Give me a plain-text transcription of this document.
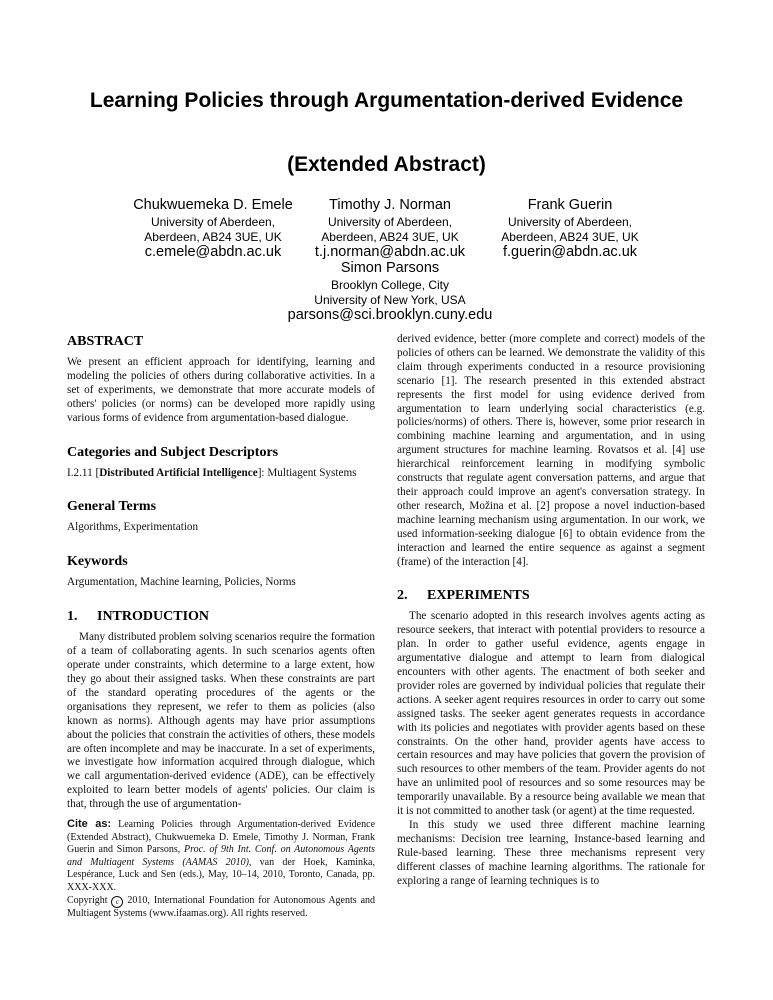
Learning Policies through Argumentation-derived Evidence
(Extended Abstract)
Chukwuemeka D. Emele
University of Aberdeen,
Aberdeen, AB24 3UE, UK
c.emele@abdn.ac.uk
Timothy J. Norman
University of Aberdeen,
Aberdeen, AB24 3UE, UK
t.j.norman@abdn.ac.uk
Frank Guerin
University of Aberdeen,
Aberdeen, AB24 3UE, UK
f.guerin@abdn.ac.uk
Simon Parsons
Brooklyn College, City
University of New York, USA
parsons@sci.brooklyn.cuny.edu
ABSTRACT

We present an efficient approach for identifying, learning and modeling the policies of others during collaborative activities. In a set of experiments, we demonstrate that more accurate models of others' policies (or norms) can be developed more rapidly using various forms of evidence from argumentation-based dialogue.

Categories and Subject Descriptors

I.2.11 [Distributed Artificial Intelligence]: Multiagent Systems

General Terms

Algorithms, Experimentation

Keywords

Argumentation, Machine learning, Policies, Norms

1. INTRODUCTION

Many distributed problem solving scenarios require the formation of a team of collaborating agents. In such scenarios agents often operate under constraints, which determine to a large extent, how they go about their assigned tasks. When these constraints are part of the standard operating procedures of the agents or the organisations they represent, we refer to them as policies (also known as norms). Although agents may have prior assumptions about the policies that constrain the activities of others, these models are often incomplete and may be inaccurate. In a set of experiments, we investigate how information acquired through dialogue, which we call argumentation-derived evidence (ADE), can be effectively exploited to learn better models of agents' policies. Our claim is that, through the use of argumentation-

Cite as: Learning Policies through Argumentation-derived Evidence (Extended Abstract), Chukwuemeka D. Emele, Timothy J. Norman, Frank Guerin and Simon Parsons, Proc. of 9th Int. Conf. on Autonomous Agents and Multiagent Systems (AAMAS 2010), van der Hoek, Kaminka, Lespérance, Luck and Sen (eds.), May, 10–14, 2010, Toronto, Canada, pp. XXX-XXX.

Copyright c 2010, International Foundation for Autonomous Agents and Multiagent Systems (www.ifaamas.org). All rights reserved.

derived evidence, better (more complete and correct) models of the policies of others can be learned. We demonstrate the validity of this claim through experiments conducted in a resource provisioning scenario [1]. The research presented in this extended abstract represents the first model for using evidence derived from argumentation to learn underlying social characteristics (e.g. policies/norms) of others. There is, however, some prior research in combining machine learning and argumentation, and in using argument structures for machine learning. Rovatsos et al. [4] use hierarchical reinforcement learning in modifying symbolic constructs that regulate agent conversation patterns, and argue that their approach could improve an agent's conversation strategy. In other research, Možina et al. [2] propose a novel induction-based machine learning mechanism using argumentation. In our work, we used information-seeking dialogue [6] to obtain evidence from the interaction and learned the entire sequence as against a segment (frame) of the interaction [4].

2. EXPERIMENTS

The scenario adopted in this research involves agents acting as resource seekers, that interact with potential providers to resource a plan. In order to gather useful evidence, agents engage in argumentative dialogue and attempt to learn from dialogical encounters with other agents. The enactment of both seeker and provider roles are governed by individual policies that regulate their actions. A seeker agent requires resources in order to carry out some assigned tasks. The seeker agent generates requests in accordance with its policies and negotiates with provider agents based on these constraints. On the other hand, provider agents have access to certain resources and may have policies that govern the provision of such resources to other members of the team. Provider agents do not have an unlimited pool of resources and so some resources may be temporarily unavailable. By a resource being available we mean that it is not committed to another task (or agent) at the time requested.

In this study we used three different machine learning mechanisms: Decision tree learning, Instance-based learning and Rule-based learning. These three mechanisms represent very different classes of machine learning algorithms. The rationale for exploring a range of learning techniques is to
